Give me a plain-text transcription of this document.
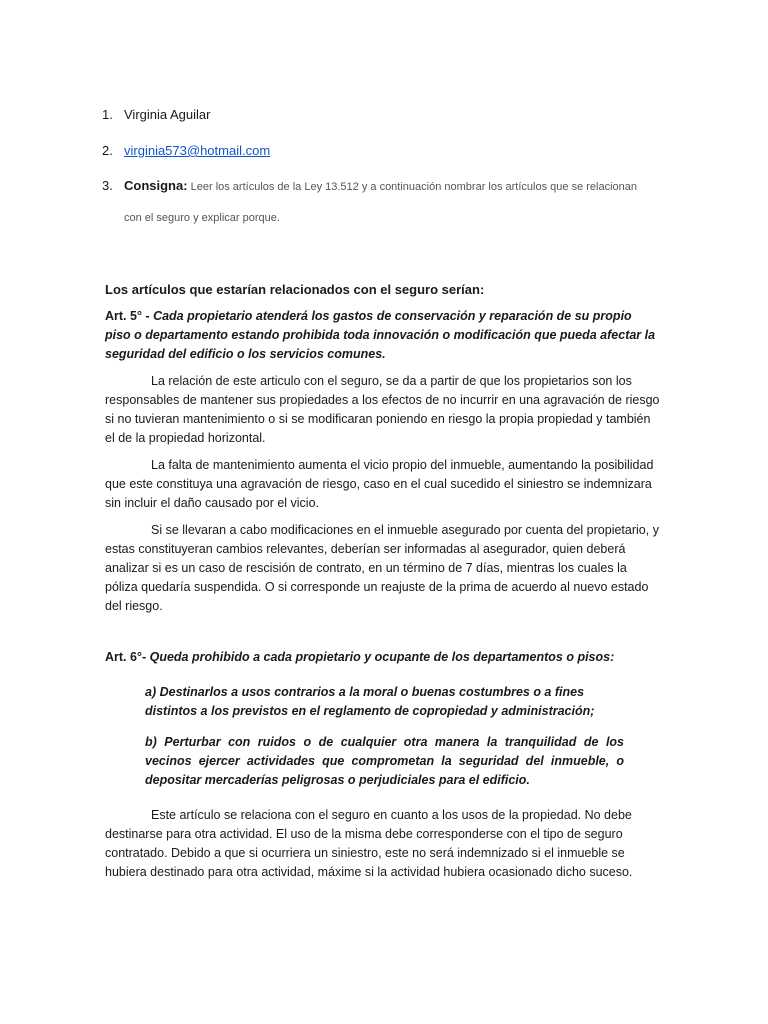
1. Virginia Aguilar
2. virginia573@hotmail.com
3. Consigna: Leer los artículos de la Ley 13.512 y a continuación nombrar los artículos que se relacionan
con el seguro y explicar porque.

Los artículos que estarían relacionados con el seguro serían:

Art. 5° - Cada propietario atenderá los gastos de conservación y reparación de su propio piso o departamento estando prohibida toda innovación o modificación que pueda afectar la seguridad del edificio o los servicios comunes.

La relación de este articulo con el seguro, se da a partir de que los propietarios son los responsables de mantener sus propiedades a los efectos de no incurrir en una agravación de riesgo si no tuvieran mantenimiento o si se modificaran poniendo en riesgo la propia propiedad y también el de la propiedad horizontal.

La falta de mantenimiento aumenta el vicio propio del inmueble, aumentando la posibilidad que este constituya una agravación de riesgo, caso en el cual sucedido el siniestro se indemnizara sin incluir el daño causado por el vicio.

Si se llevaran a cabo modificaciones en el inmueble asegurado por cuenta del propietario, y estas constituyeran cambios relevantes, deberían ser informadas al asegurador, quien deberá analizar si es un caso de rescisión de contrato, en un término de 7 días, mientras los cuales la póliza quedaría suspendida. O si corresponde un reajuste de la prima de acuerdo al nuevo estado del riesgo.

Art. 6°- Queda prohibido a cada propietario y ocupante de los departamentos o pisos:

a) Destinarlos a usos contrarios a la moral o buenas costumbres o a fines distintos a los previstos en el reglamento de copropiedad y administración;

b) Perturbar con ruidos o de cualquier otra manera la tranquilidad de los vecinos ejercer actividades que comprometan la seguridad del inmueble, o depositar mercaderías peligrosas o perjudiciales para el edificio.

Este artículo se relaciona con el seguro en cuanto a los usos de la propiedad. No debe destinarse para otra actividad. El uso de la misma debe corresponderse con el tipo de seguro contratado. Debido a que si ocurriera un siniestro, este no será indemnizado si el inmueble se hubiera destinado para otra actividad, máxime si la actividad hubiera ocasionado dicho suceso.
